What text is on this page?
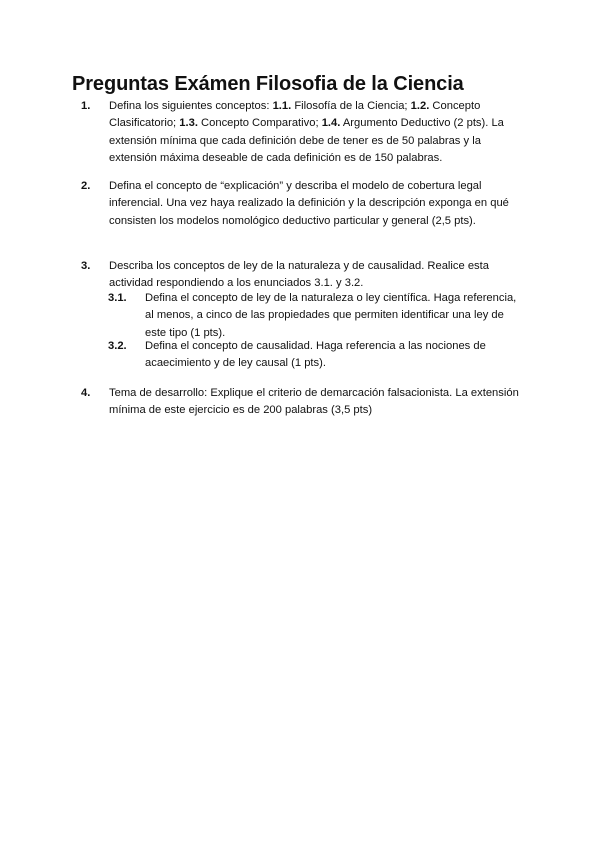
Preguntas Exámen Filosofia de la Ciencia
1.	Defina los siguientes conceptos: 1.1. Filosofía de la Ciencia; 1.2. Concepto Clasificatorio; 1.3. Concepto Comparativo; 1.4. Argumento Deductivo (2 pts). La extensión mínima que cada definición debe de tener es de 50 palabras y la extensión máxima deseable de cada definición es de 150 palabras.

2.	Defina el concepto de “explicación” y describa el modelo de cobertura legal inferencial. Una vez haya realizado la definición y la descripción exponga en qué consisten los modelos nomológico deductivo particular y general (2,5 pts).

3.	Describa los conceptos de ley de la naturaleza y de causalidad. Realice esta actividad respondiendo a los enunciados 3.1. y 3.2.

3.1. Defina el concepto de ley de la naturaleza o ley científica. Haga referencia, al menos, a cinco de las propiedades que permiten identificar una ley de este tipo (1 pts).

3.2. Defina el concepto de causalidad. Haga referencia a las nociones de acaecimiento y de ley causal (1 pts).

4.	Tema de desarrollo: Explique el criterio de demarcación falsacionista. La extensión mínima de este ejercicio es de 200 palabras (3,5 pts)
